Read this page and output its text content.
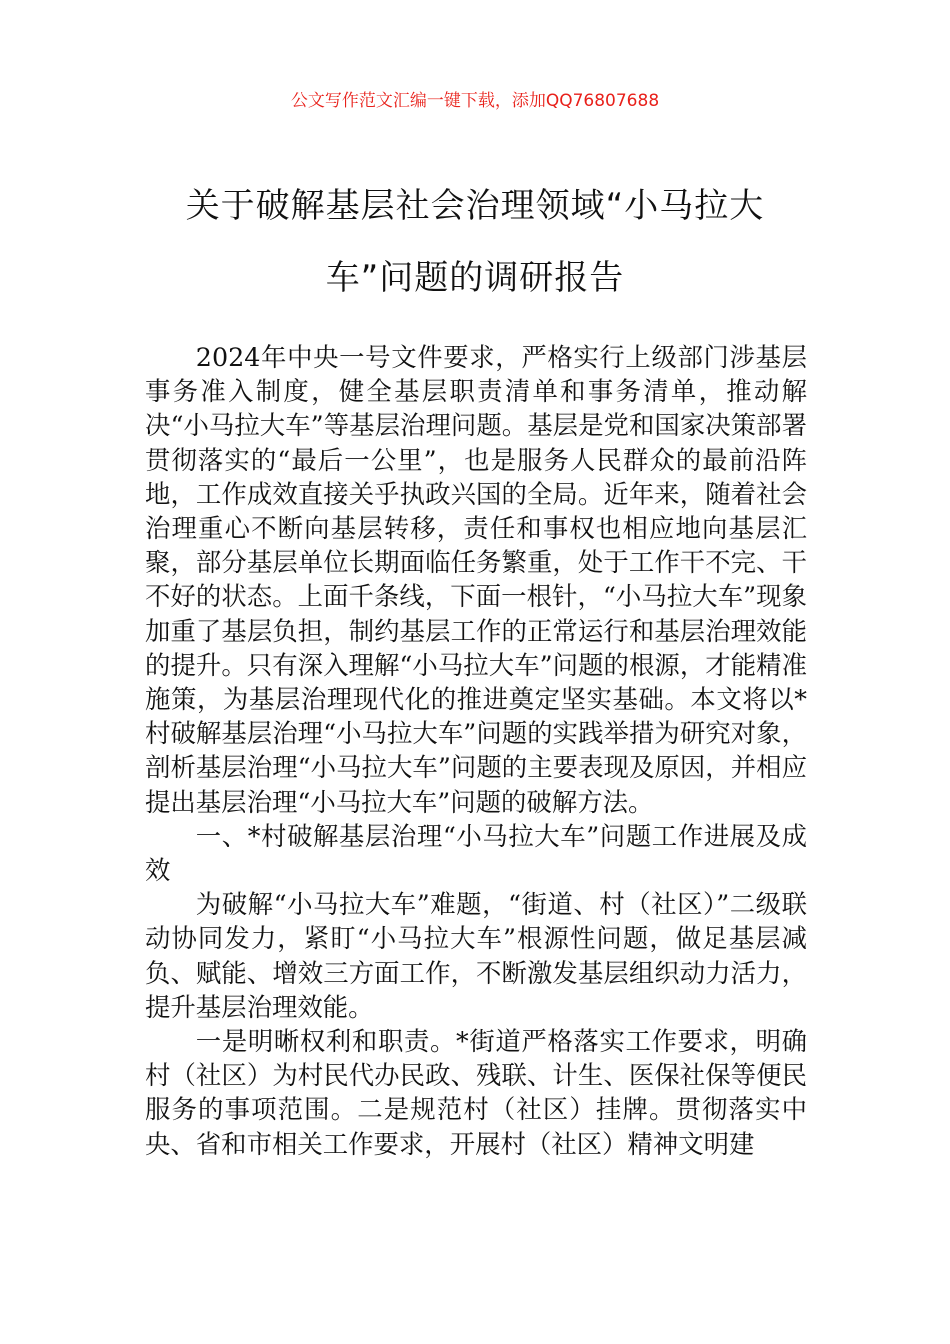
公文写作范文汇编一键下载，添加QQ76807688
关于破解基层社会治理领域“小马拉大
车”问题的调研报告

2024年中央一号文件要求，严格实行上级部门涉基层事务准入制度，健全基层职责清单和事务清单，推动解决“小马拉大车”等基层治理问题。基层是党和国家决策部署贯彻落实的“最后一公里”，也是服务人民群众的最前沿阵地，工作成效直接关乎执政兴国的全局。近年来，随着社会治理重心不断向基层转移，责任和事权也相应地向基层汇聚，部分基层单位长期面临任务繁重，处于工作干不完、干不好的状态。上面千条线，下面一根针，“小马拉大车”现象加重了基层负担，制约基层工作的正常运行和基层治理效能的提升。只有深入理解“小马拉大车”问题的根源，才能精准施策，为基层治理现代化的推进奠定坚实基础。本文将以*村破解基层治理“小马拉大车”问题的实践举措为研究对象，剖析基层治理“小马拉大车”问题的主要表现及原因，并相应提出基层治理“小马拉大车”问题的破解方法。

一、*村破解基层治理“小马拉大车”问题工作进展及成效

为破解“小马拉大车”难题，“街道、村（社区）”二级联动协同发力，紧盯“小马拉大车”根源性问题，做足基层减负、赋能、增效三方面工作，不断激发基层组织动力活力，提升基层治理效能。

一是明晰权利和职责。*街道严格落实工作要求，明确村（社区）为村民代办民政、残联、计生、医保社保等便民服务的事项范围。二是规范村（社区）挂牌。贯彻落实中央、省和市相关工作要求，开展村（社区）精神文明建
